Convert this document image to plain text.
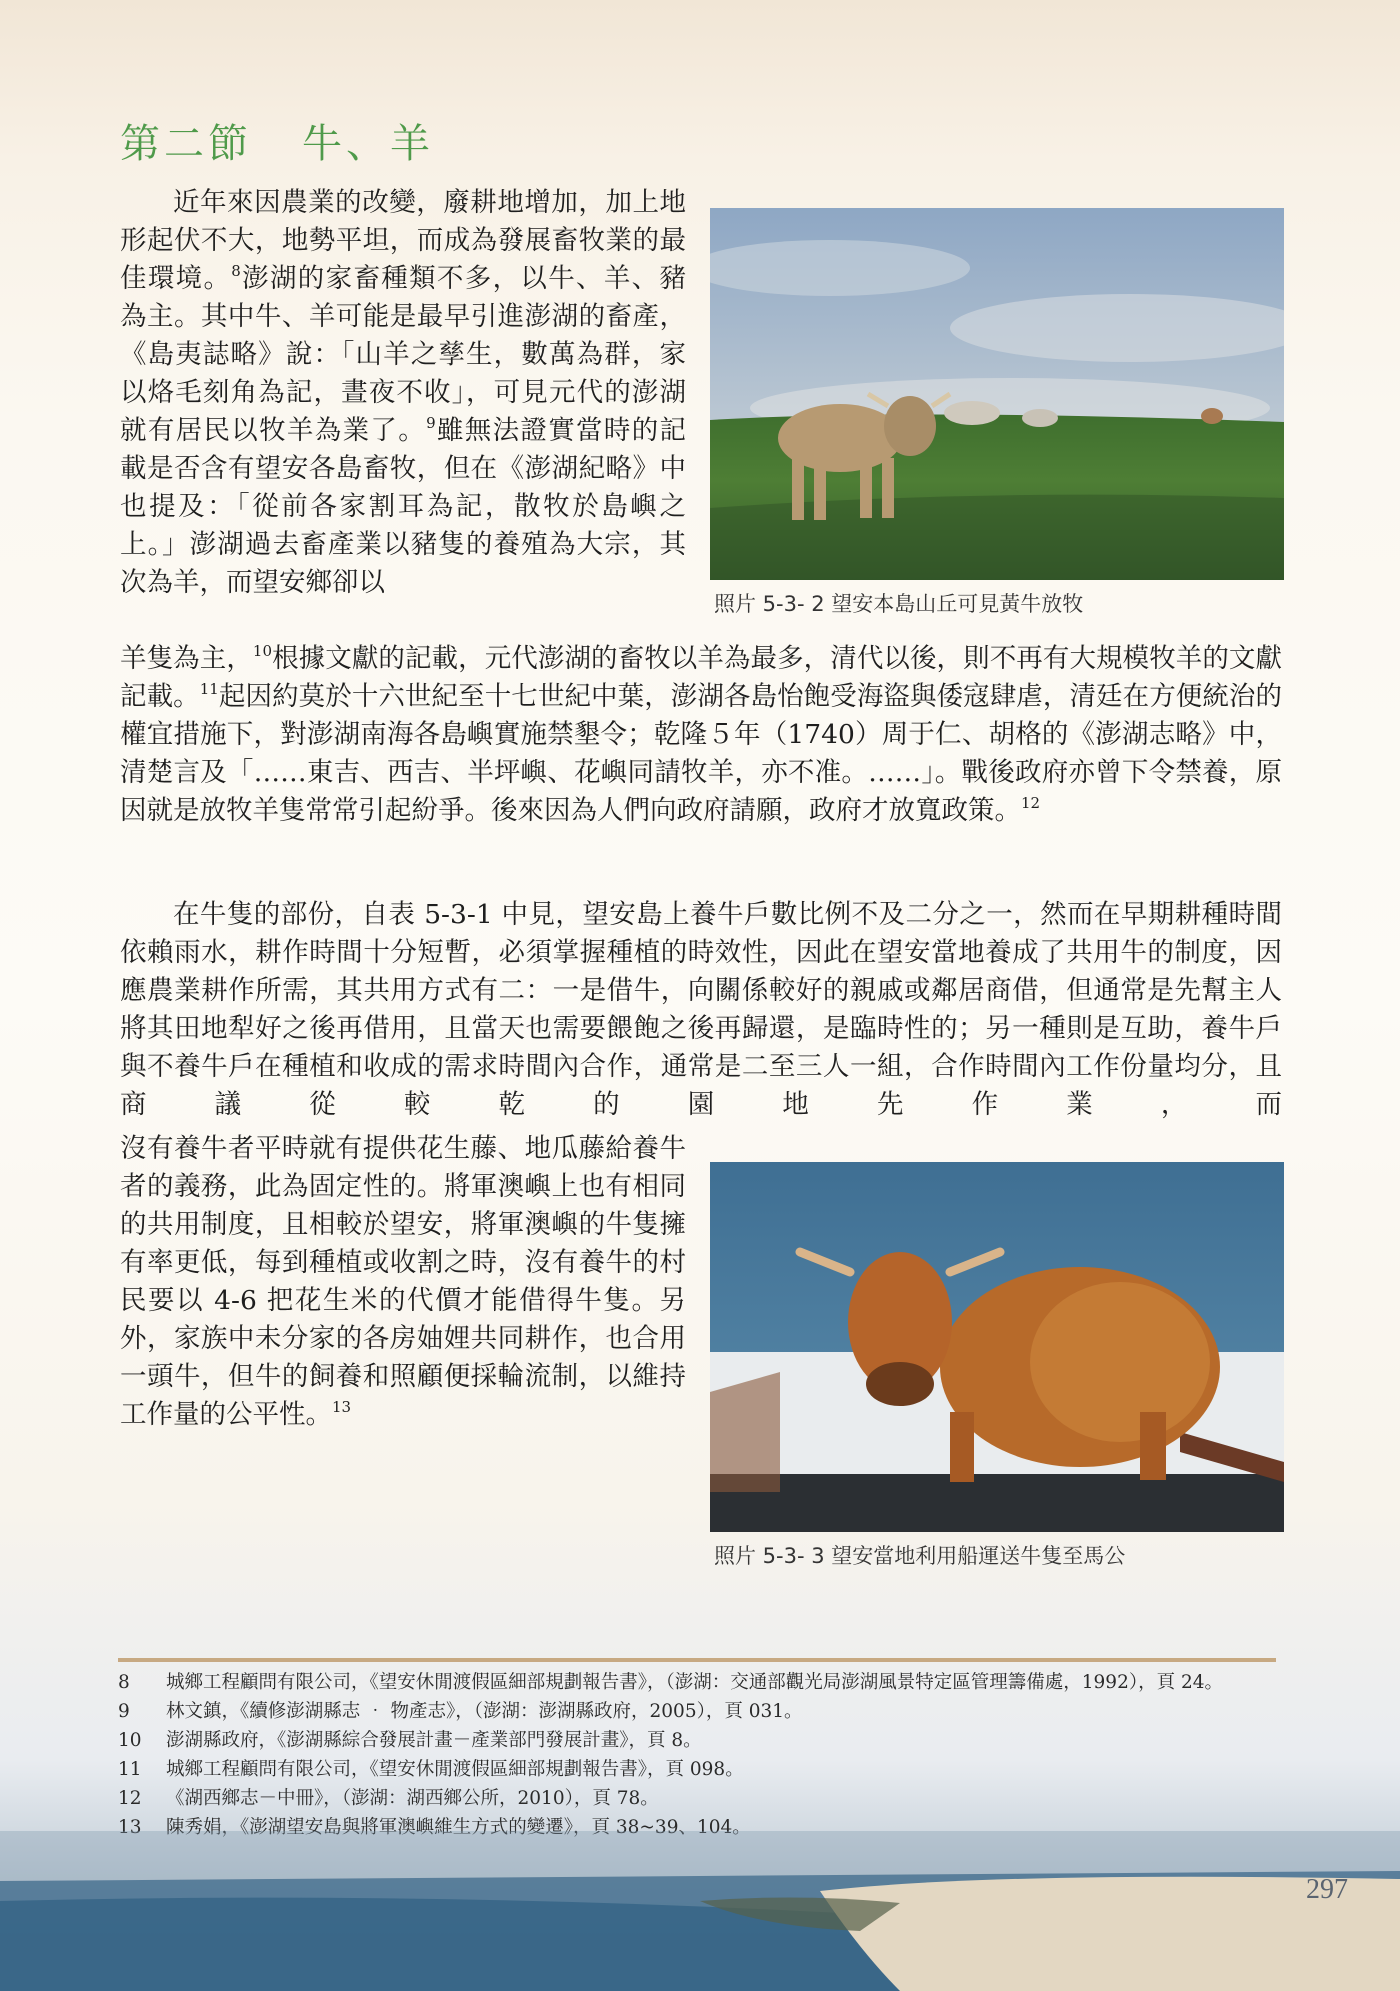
第二節 牛、羊

近年來因農業的改變，廢耕地增加，加上地形起伏不大，地勢平坦，而成為發展畜牧業的最佳環境。$^8$澎湖的家畜種類不多，以牛、羊、豬為主。其中牛、羊可能是最早引進澎湖的畜產，《島夷誌略》說：「山羊之孳生，數萬為群，家以烙毛刻角為記，晝夜不收」，可見元代的澎湖就有居民以牧羊為業了。$^9$雖無法證實當時的記載是否含有望安各島畜牧，但在《澎湖紀略》中也提及：「從前各家割耳為記，散牧於島嶼之上。」澎湖過去畜產業以豬隻的養殖為大宗，其次為羊，而望安鄉卻以

羊隻為主，$^{10}$根據文獻的記載，元代澎湖的畜牧以羊為最多，清代以後，則不再有大規模牧羊的文獻記載。$^{11}$起因約莫於十六世紀至十七世紀中葉，澎湖各島怡飽受海盜與倭寇肆虐，清廷在方便統治的權宜措施下，對澎湖南海各島嶼實施禁墾令；乾隆５年（1740）周于仁、胡格的《澎湖志略》中，清楚言及「……東吉、西吉、半坪嶼、花嶼同請牧羊，亦不准。……」。戰後政府亦曾下令禁養，原因就是放牧羊隻常常引起紛爭。後來因為人們向政府請願，政府才放寬政策。$^{12}$

在牛隻的部份，自表 5-3-1 中見，望安島上養牛戶數比例不及二分之一，然而在早期耕種時間依賴雨水，耕作時間十分短暫，必須掌握種植的時效性，因此在望安當地養成了共用牛的制度，因應農業耕作所需，其共用方式有二：一是借牛，向關係較好的親戚或鄰居商借，但通常是先幫主人將其田地犁好之後再借用，且當天也需要餵飽之後再歸還，是臨時性的；另一種則是互助，養牛戶與不養牛戶在種植和收成的需求時間內合作，通常是二至三人一組，合作時間內工作份量均分，且商議從較乾的園地先作業，而

沒有養牛者平時就有提供花生藤、地瓜藤給養牛者的義務，此為固定性的。將軍澳嶼上也有相同的共用制度，且相較於望安，將軍澳嶼的牛隻擁有率更低，每到種植或收割之時，沒有養牛的村民要以 4-6 把花生米的代價才能借得牛隻。另外，家族中未分家的各房妯娌共同耕作，也合用一頭牛，但牛的飼養和照顧便採輪流制，以維持工作量的公平性。$^{13}$

照片 5-3- 2 望安本島山丘可見黃牛放牧

照片 5-3- 3 望安當地利用船運送牛隻至馬公

8	城鄉工程顧問有限公司，《望安休閒渡假區細部規劃報告書》，（澎湖：交通部觀光局澎湖風景特定區管理籌備處，1992），頁 24。
9	林文鎮，《續修澎湖縣志 ‧ 物產志》，（澎湖：澎湖縣政府，2005），頁 031。
10	澎湖縣政府，《澎湖縣綜合發展計畫－產業部門發展計畫》，頁 8。
11	城鄉工程顧問有限公司，《望安休閒渡假區細部規劃報告書》，頁 098。
12	《湖西鄉志－中冊》，（澎湖：湖西鄉公所，2010），頁 78。
13	陳秀娟，《澎湖望安島與將軍澳嶼維生方式的變遷》，頁 38~39、104。
297
